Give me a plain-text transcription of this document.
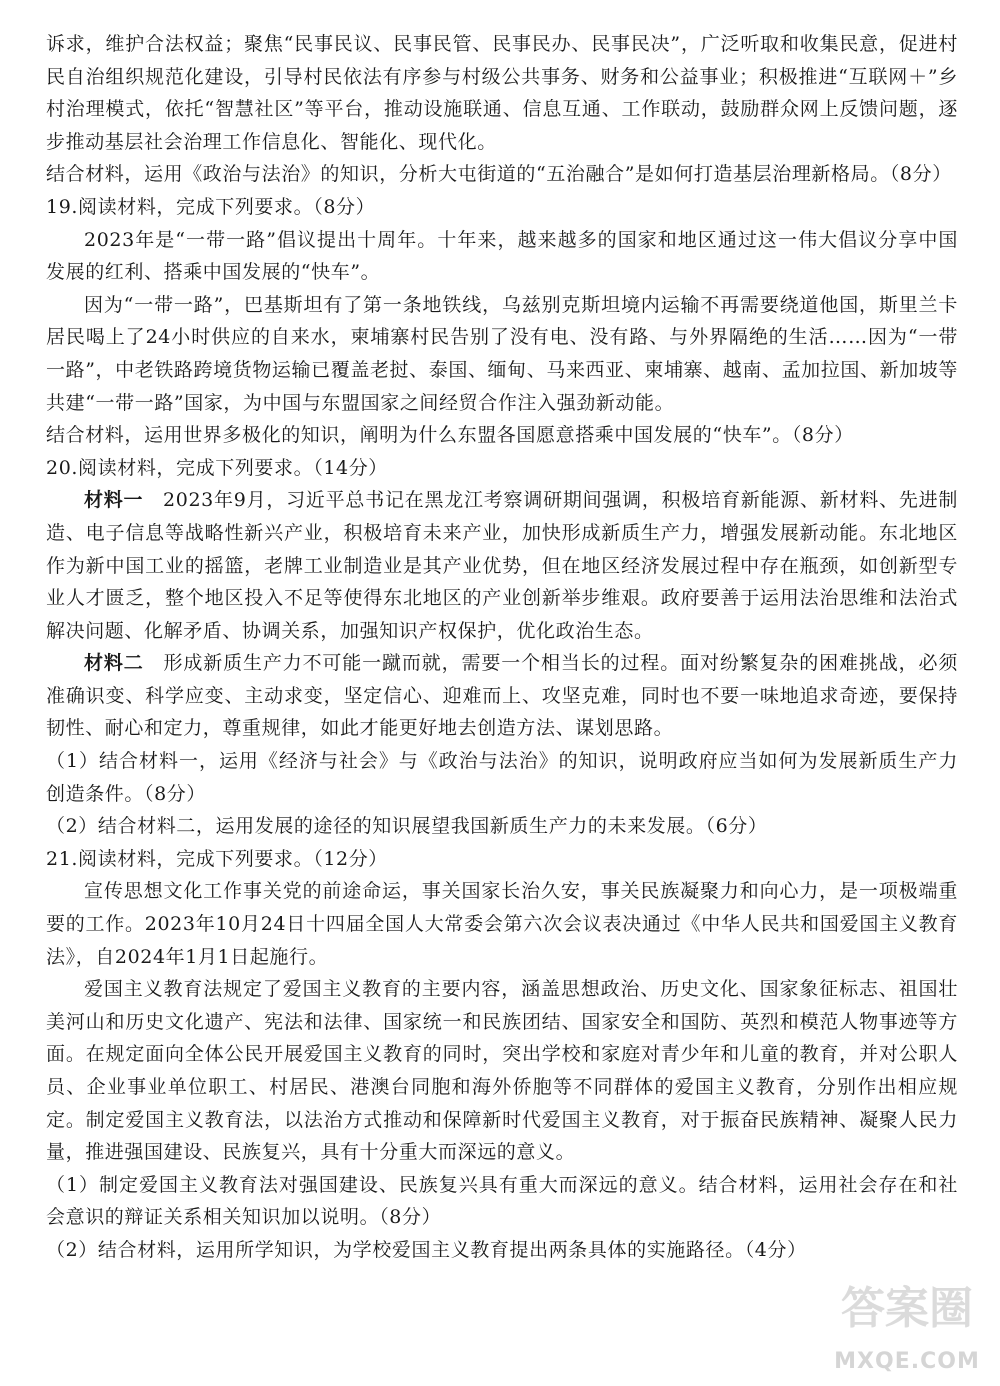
诉求，维护合法权益；聚焦“民事民议、民事民管、民事民办、民事民决”，广泛听取和收集民意，促进村民自治组织规范化建设，引导村民依法有序参与村级公共事务、财务和公益事业；积极推进“互联网＋”乡村治理模式，依托“智慧社区”等平台，推动设施联通、信息互通、工作联动，鼓励群众网上反馈问题，逐步推动基层社会治理工作信息化、智能化、现代化。

结合材料，运用《政治与法治》的知识，分析大屯街道的“五治融合”是如何打造基层治理新格局。（8分）

19.阅读材料，完成下列要求。（8分）

2023年是“一带一路”倡议提出十周年。十年来，越来越多的国家和地区通过这一伟大倡议分享中国发展的红利、搭乘中国发展的“快车”。

因为“一带一路”，巴基斯坦有了第一条地铁线，乌兹别克斯坦境内运输不再需要绕道他国，斯里兰卡居民喝上了24小时供应的自来水，柬埔寨村民告别了没有电、没有路、与外界隔绝的生活……因为“一带一路”，中老铁路跨境货物运输已覆盖老挝、泰国、缅甸、马来西亚、柬埔寨、越南、孟加拉国、新加坡等共建“一带一路”国家，为中国与东盟国家之间经贸合作注入强劲新动能。

结合材料，运用世界多极化的知识，阐明为什么东盟各国愿意搭乘中国发展的“快车”。（8分）

20.阅读材料，完成下列要求。（14分）

材料一　2023年9月，习近平总书记在黑龙江考察调研期间强调，积极培育新能源、新材料、先进制造、电子信息等战略性新兴产业，积极培育未来产业，加快形成新质生产力，增强发展新动能。东北地区作为新中国工业的摇篮，老牌工业制造业是其产业优势，但在地区经济发展过程中存在瓶颈，如创新型专业人才匮乏，整个地区投入不足等使得东北地区的产业创新举步维艰。政府要善于运用法治思维和法治式解决问题、化解矛盾、协调关系，加强知识产权保护，优化政治生态。

材料二　形成新质生产力不可能一蹴而就，需要一个相当长的过程。面对纷繁复杂的困难挑战，必须准确识变、科学应变、主动求变，坚定信心、迎难而上、攻坚克难，同时也不要一味地追求奇迹，要保持韧性、耐心和定力，尊重规律，如此才能更好地去创造方法、谋划思路。

（1）结合材料一，运用《经济与社会》与《政治与法治》的知识，说明政府应当如何为发展新质生产力创造条件。（8分）

（2）结合材料二，运用发展的途径的知识展望我国新质生产力的未来发展。（6分）

21.阅读材料，完成下列要求。（12分）

宣传思想文化工作事关党的前途命运，事关国家长治久安，事关民族凝聚力和向心力，是一项极端重要的工作。2023年10月24日十四届全国人大常委会第六次会议表决通过《中华人民共和国爱国主义教育法》，自2024年1月1日起施行。

爱国主义教育法规定了爱国主义教育的主要内容，涵盖思想政治、历史文化、国家象征标志、祖国壮美河山和历史文化遗产、宪法和法律、国家统一和民族团结、国家安全和国防、英烈和模范人物事迹等方面。在规定面向全体公民开展爱国主义教育的同时，突出学校和家庭对青少年和儿童的教育，并对公职人员、企业事业单位职工、村居民、港澳台同胞和海外侨胞等不同群体的爱国主义教育，分别作出相应规定。制定爱国主义教育法，以法治方式推动和保障新时代爱国主义教育，对于振奋民族精神、凝聚人民力量，推进强国建设、民族复兴，具有十分重大而深远的意义。

（1）制定爱国主义教育法对强国建设、民族复兴具有重大而深远的意义。结合材料，运用社会存在和社会意识的辩证关系相关知识加以说明。（8分）

（2）结合材料，运用所学知识，为学校爱国主义教育提出两条具体的实施路径。（4分）

答案圈
MXQE.COM
